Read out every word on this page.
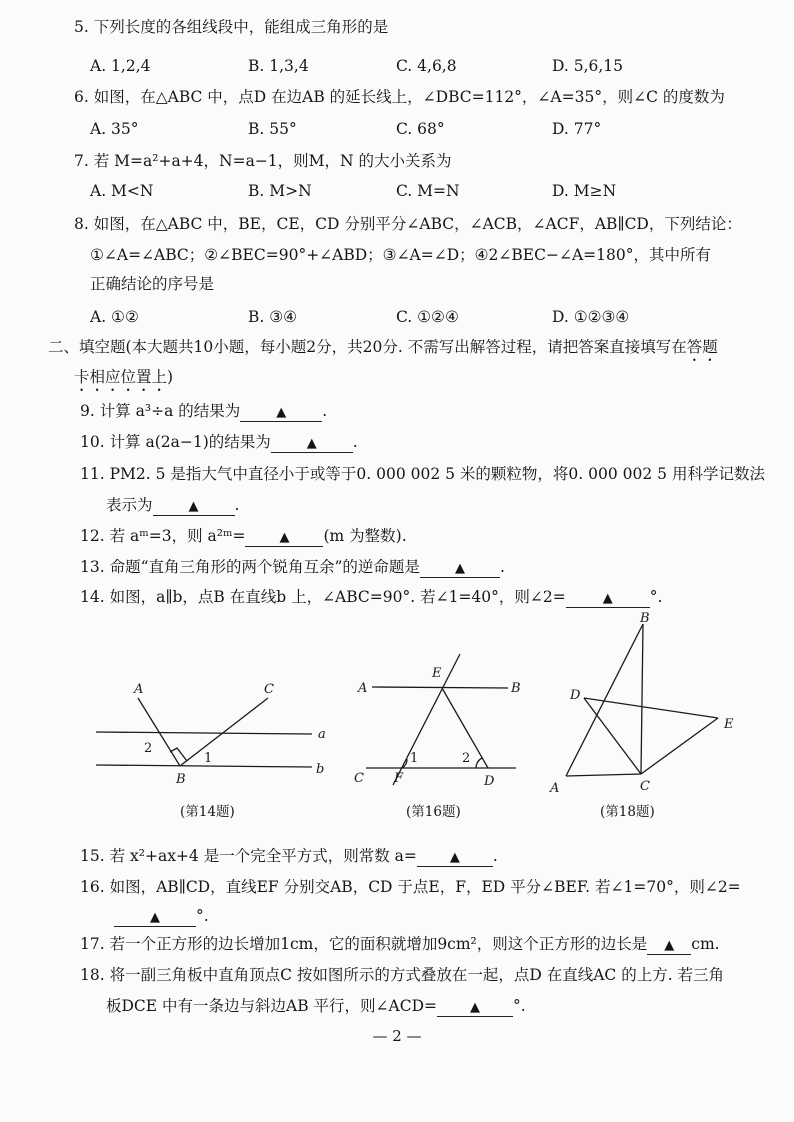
5. 下列长度的各组线段中，能组成三角形的是
A. 1,2,4	B. 1,3,4	C. 4,6,8	D. 5,6,15
6. 如图，在△ABC 中，点D 在边AB 的延长线上，∠DBC=112°，∠A=35°，则∠C 的度数为
A. 35°	B. 55°	C. 68°	D. 77°
7. 若 M=a²+a+4，N=a−1，则M，N 的大小关系为
A. M<N	B. M>N	C. M=N	D. M≥N
8. 如图，在△ABC 中，BE，CE，CD 分别平分∠ABC，∠ACB，∠ACF，AB∥CD，下列结论：
①∠A=∠ABC；②∠BEC=90°+∠ABD；③∠A=∠D；④2∠BEC−∠A=180°，其中所有
正确结论的序号是
A. ①②	B. ③④	C. ①②④	D. ①②③④
二、填空题(本大题共10小题，每小题2分，共20分. 不需写出解答过程，请把答案直接填写在答题
卡相应位置上)
9. 计算 a³÷a 的结果为	▲ .
10. 计算 a(2a−1)的结果为	▲ .
11. PM2. 5 是指大气中直径小于或等于0. 000 002 5 米的颗粒物，将0. 000 002 5 用科学记数法
表示为	▲ .
12. 若 aᵐ=3，则 a²ᵐ=	▲ (m 为整数).
13. 命题“直角三角形的两个锐角互余”的逆命题是	▲ .
14. 如图，a∥b，点B 在直线b 上，∠ABC=90°. 若∠1=40°，则∠2=	▲ °.
A	C
2
1
a
B
b
E
A	B
1	2
C F	D
B
D
E
A	C
(第14题)	(第16题)	(第18题)
15. 若 x²+ax+4 是一个完全平方式，则常数 a=	▲ .
16. 如图，AB∥CD，直线EF 分别交AB，CD 于点E，F，ED 平分∠BEF. 若∠1=70°，则∠2=
▲ °.
17. 若一个正方形的边长增加1cm，它的面积就增加9cm²，则这个正方形的边长是 ▲ cm.
18. 将一副三角板中直角顶点C 按如图所示的方式叠放在一起，点D 在直线AC 的上方. 若三角
板DCE 中有一条边与斜边AB 平行，则∠ACD=	▲ °.
— 2 —
